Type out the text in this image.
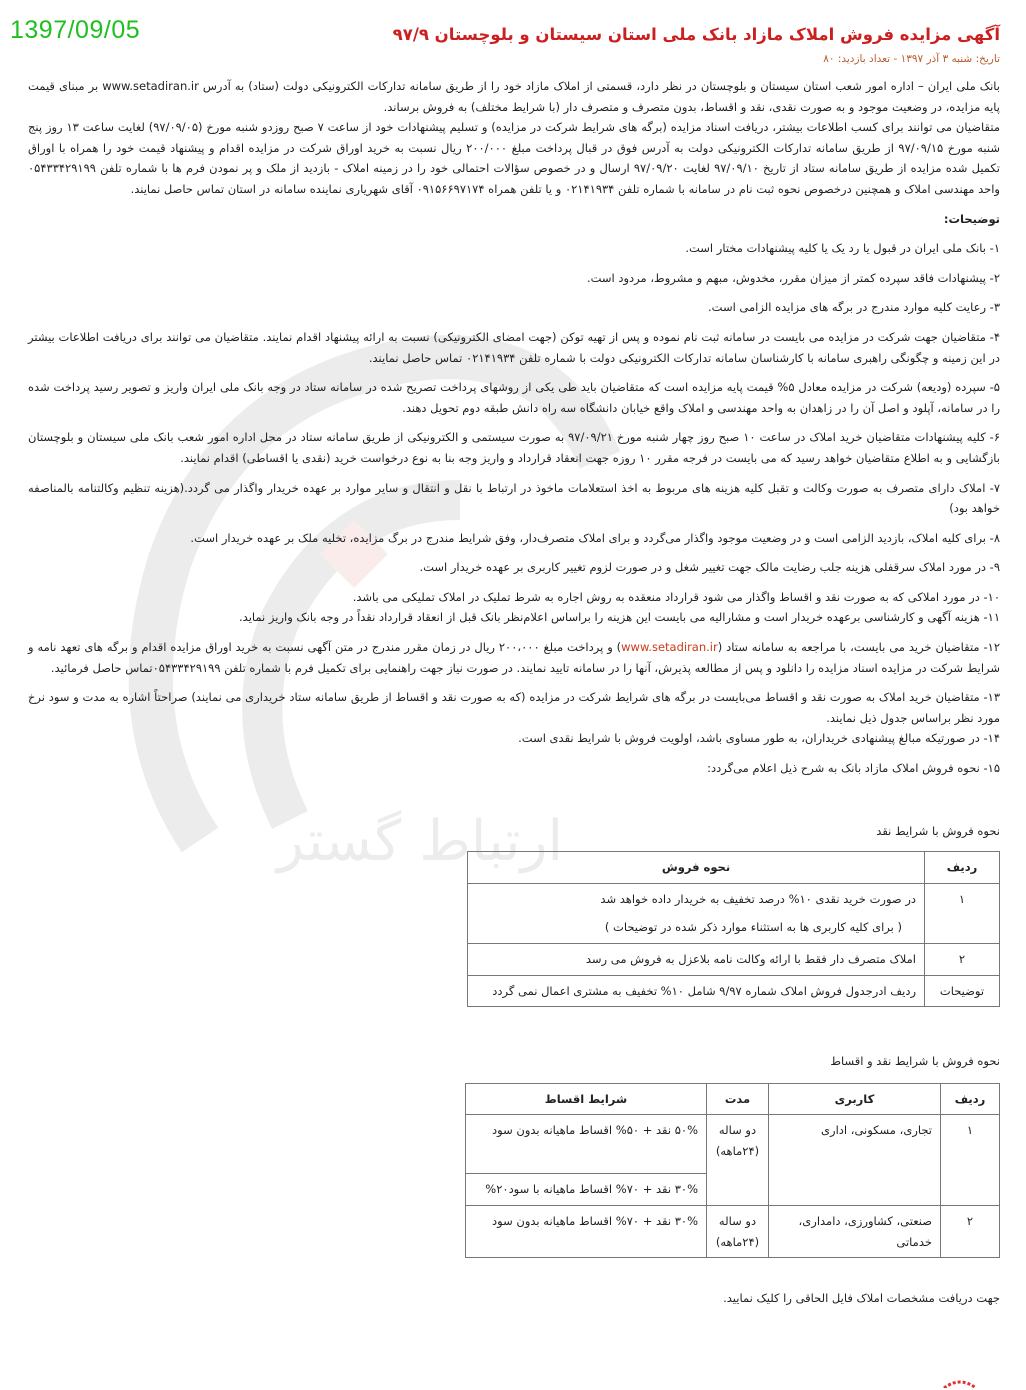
1397/09/05
ارتباط گستر
آگهی مزایده فروش املاک مازاد بانک ملی استان سیستان و بلوچستان ۹۷/۹
تاریخ: شنبه ۳ آذر ۱۳۹۷ - تعداد بازدید: ۸۰

بانک ملی ایران – اداره امور شعب استان سیستان و بلوچستان در نظر دارد، قسمتی از املاک مازاد خود را از طریق سامانه تدارکات الکترونیکی دولت (ستاد) به آدرس www.setadiran.ir بر مبنای قیمت پایه مزایده، در وضعیت موجود و به صورت نقدی، نقد و اقساط، بدون متصرف و متصرف دار (با شرایط مختلف) به فروش برساند.

متقاضیان می توانند برای کسب اطلاعات بیشتر، دریافت اسناد مزایده (برگه های شرایط شرکت در مزایده) و تسلیم پیشنهادات خود از ساعت ۷ صبح روزدو شنبه مورخ (۹۷/۰۹/۰۵) لغایت ساعت ۱۳ روز پنج شنبه مورخ ۹۷/۰۹/۱۵ از طریق سامانه تدارکات الکترونیکی دولت به آدرس فوق در قبال پرداخت مبلغ ۲۰۰/۰۰۰ ریال نسبت به خرید اوراق شرکت در مزایده اقدام و پیشنهاد قیمت خود را همراه با اوراق تکمیل شده مزایده از طریق سامانه ستاد از تاریخ ۹۷/۰۹/۱۰ لغایت ۹۷/۰۹/۲۰ ارسال و در خصوص سؤالات احتمالی خود را در زمینه املاک - بازدید از ملک و پر نمودن فرم ها با شماره تلفن ۰۵۴۳۳۴۲۹۱۹۹ واحد مهندسی املاک و همچنین درخصوص نحوه ثبت نام در سامانه با شماره تلفن ۰۲۱۴۱۹۳۴ و یا تلفن همراه ۰۹۱۵۶۶۹۷۱۷۴ آقای شهریاری نماینده سامانه در استان تماس حاصل نمایند.

توضیحات:

۱- بانک ملی ایران در قبول یا رد یک یا کلیه پیشنهادات مختار است.

۲- پیشنهادات فاقد سپرده کمتر از میزان مقرر، مخدوش، مبهم و مشروط، مردود است.

۳- رعایت کلیه موارد مندرج در برگه های مزایده الزامی است.

۴- متقاضیان جهت شرکت در مزایده می بایست در سامانه ثبت نام نموده و پس از تهیه توکن (جهت امضای الکترونیکی) نسبت به ارائه پیشنهاد اقدام نمایند. متقاضیان می توانند برای دریافت اطلاعات بیشتر در این زمینه و چگونگی راهبری سامانه با کارشناسان سامانه تدارکات الکترونیکی دولت با شماره تلفن ۰۲۱۴۱۹۳۴ تماس حاصل نمایند.

۵- سپرده (ودیعه) شرکت در مزایده معادل ۵% قیمت پایه مزایده است که متقاضیان باید طی یکی از روشهای پرداخت تصریح شده در سامانه ستاد در وجه بانک ملی ایران واریز و تصویر رسید پرداخت شده را در سامانه، آپلود و اصل آن را در زاهدان به واحد مهندسی و املاک واقع خیابان دانشگاه سه راه دانش طبقه دوم تحویل دهند.

۶- کلیه پیشنهادات متقاضیان خرید املاک در ساعت ۱۰ صبح روز چهار شنبه مورخ ۹۷/۰۹/۲۱ به صورت سیستمی و الکترونیکی از طریق سامانه ستاد در محل اداره امور شعب بانک ملی سیستان و بلوچستان بازگشایی و به اطلاع متقاضیان خواهد رسید که می بایست در فرجه مقرر ۱۰ روزه جهت انعقاد قرارداد و واریز وجه بنا به نوع درخواست خرید (نقدی یا اقساطی) اقدام نمایند.

۷- املاک دارای متصرف به صورت وکالت و تقبل کلیه هزینه های مربوط به اخذ استعلامات ماخوذ در ارتباط با نقل و انتقال و سایر موارد بر عهده خریدار واگذار می گردد.(هزینه تنظیم وکالتنامه بالمناصفه خواهد بود)

۸- برای کلیه املاک، بازدید الزامی است و در وضعیت موجود واگذار می‌گردد و برای املاک متصرف‌دار، وفق شرایط مندرج در برگ مزایده، تخلیه ملک بر عهده خریدار است.

۹- در مورد املاک سرقفلی هزینه جلب رضایت مالک جهت تغییر شغل و در صورت لزوم تغییر کاربری بر عهده خریدار است.

۱۰- در مورد املاکی که به صورت نقد و اقساط واگذار می شود قرارداد منعقده به روش اجاره به شرط تملیک در املاک تملیکی می باشد.

۱۱- هزینه آگهی و کارشناسی برعهده خریدار است و مشارالیه می بایست این هزینه را براساس اعلام‌نظر بانک قبل از انعقاد قرارداد نقداً در وجه بانک واریز نماید.

۱۲- متقاضیان خرید می بایست، با مراجعه به سامانه ستاد (www.setadiran.ir) و پرداخت مبلغ ۲۰۰،۰۰۰ ریال در زمان مقرر مندرج در متن آگهی نسبت به خرید اوراق مزایده اقدام و برگه های تعهد نامه و شرایط شرکت در مزایده اسناد مزایده را دانلود و پس از مطالعه پذیرش، آنها را در سامانه تایید نمایند. در صورت نیاز جهت راهنمایی برای تکمیل فرم با شماره تلفن ۰۵۴۳۳۴۲۹۱۹۹تماس حاصل فرمائید.

۱۳- متقاضیان خرید املاک به صورت نقد و اقساط می‌بایست در برگه های شرایط شرکت در مزایده (که به صورت نقد و اقساط از طریق سامانه ستاد خریداری می نمایند) صراحتاً اشاره به مدت و سود نرخ مورد نظر براساس جدول ذیل نمایند.

۱۴- در صورتیکه مبالغ پیشنهادی خریداران، به طور مساوی باشد، اولویت فروش با شرایط نقدی است.

۱۵- نحوه فروش املاک مازاد بانک به شرح ذیل اعلام می‌گردد:

نحوه فروش با شرایط نقد

ردیف	نحوه فروش
۱	در صورت خرید نقدی ۱۰% درصد تخفیف به خریدار داده خواهد شد
( برای کلیه کاربری ها به استثناء موارد ذکر شده در توضیحات )

۲	املاک متصرف دار فقط با ارائه وکالت نامه بلاعزل به فروش می رسد
توضیحات	ردیف ادرجدول فروش املاک شماره ۹/۹۷ شامل ۱۰% تخفیف به مشتری اعمال نمی گردد

نحوه فروش با شرایط نقد و اقساط

ردیف	کاربری	مدت	شرایط اقساط
۱	تجاری، مسکونی، اداری	دو ساله (۲۴ماهه)	۵۰% نقد + ۵۰% اقساط ماهیانه بدون سود
			۳۰% نقد + ۷۰% اقساط ماهیانه با سود۲۰%
۲	صنعتی، کشاورزی، دامداری، خدماتی	دو ساله (۲۴ماهه)	۳۰% نقد + ۷۰% اقساط ماهیانه بدون سود

جهت دریافت مشخصات املاک فایل الحاقی را کلیک نمایید.
